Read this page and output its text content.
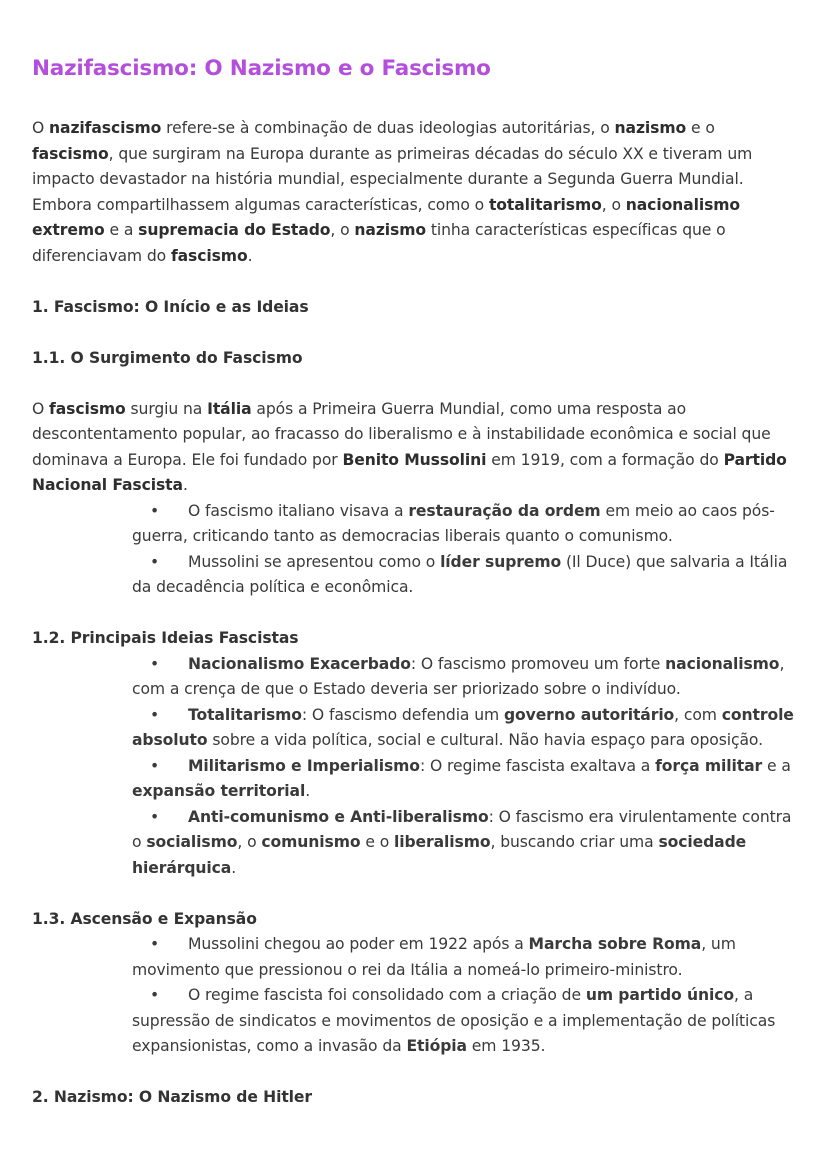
Nazifascismo: O Nazismo e o Fascismo

O nazifascismo refere-se à combinação de duas ideologias autoritárias, o nazismo e o fascismo, que surgiram na Europa durante as primeiras décadas do século XX e tiveram um impacto devastador na história mundial, especialmente durante a Segunda Guerra Mundial. Embora compartilhassem algumas características, como o totalitarismo, o nacionalismo extremo e a supremacia do Estado, o nazismo tinha características específicas que o diferenciavam do fascismo.

1. Fascismo: O Início e as Ideias

1.1. O Surgimento do Fascismo

O fascismo surgiu na Itália após a Primeira Guerra Mundial, como uma resposta ao descontentamento popular, ao fracasso do liberalismo e à instabilidade econômica e social que dominava a Europa. Ele foi fundado por Benito Mussolini em 1919, com a formação do Partido Nacional Fascista.

•	O fascismo italiano visava a restauração da ordem em meio ao caos pós-guerra, criticando tanto as democracias liberais quanto o comunismo.
•	Mussolini se apresentou como o líder supremo (Il Duce) que salvaria a Itália da decadência política e econômica.

1.2. Principais Ideias Fascistas

•	Nacionalismo Exacerbado: O fascismo promoveu um forte nacionalismo, com a crença de que o Estado deveria ser priorizado sobre o indivíduo.
•	Totalitarismo: O fascismo defendia um governo autoritário, com controle absoluto sobre a vida política, social e cultural. Não havia espaço para oposição.
•	Militarismo e Imperialismo: O regime fascista exaltava a força militar e a expansão territorial.
•	Anti-comunismo e Anti-liberalismo: O fascismo era virulentamente contra o socialismo, o comunismo e o liberalismo, buscando criar uma sociedade hierárquica.

1.3. Ascensão e Expansão

•	Mussolini chegou ao poder em 1922 após a Marcha sobre Roma, um movimento que pressionou o rei da Itália a nomeá-lo primeiro-ministro.
•	O regime fascista foi consolidado com a criação de um partido único, a supressão de sindicatos e movimentos de oposição e a implementação de políticas expansionistas, como a invasão da Etiópia em 1935.

2. Nazismo: O Nazismo de Hitler
